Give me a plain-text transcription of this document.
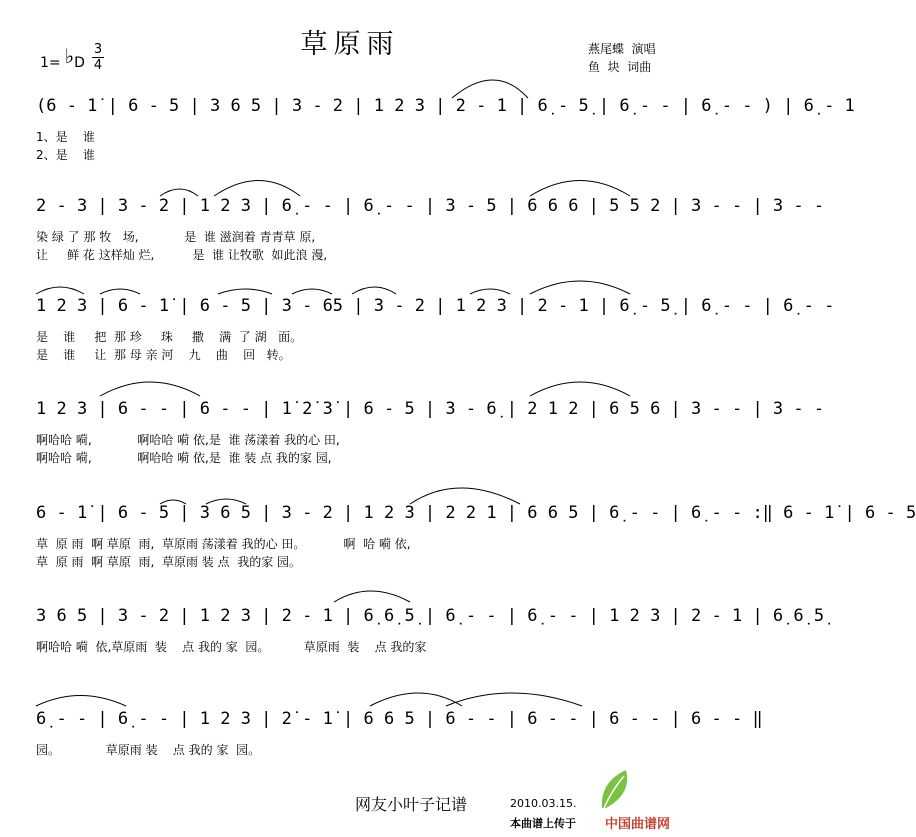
草原雨
1= ♭D
3
4
燕尾蝶  演唱
鱼  块  词曲
(6 - 1̇ | 6 - 5 | 3 6 5 | 3 - 2 | 1 2 3 | 2 - 1 | 6̣ - 5̣ | 6̣ - - | 6̣ - - ) | 6̣ - 1
1、是    谁
2、是    谁
2 - 3 | 3 - 2 | 1 2 3 | 6̣ - - | 6̣ - - | 3 - 5 | 6 6 6 | 5 5 2 | 3 - - | 3 - -
染 绿 了 那 牧   场,            是  谁 滋润着 青青草 原,
让     鲜 花 这样灿 烂,          是  谁 让牧歌  如此浪 漫,
1 2 3 | 6 - 1̇ | 6 - 5 | 3 - 65 | 3 - 2 | 1 2 3 | 2 - 1 | 6̣ - 5̣ | 6̣ - - | 6̣ - -
是    谁     把  那 珍     珠     撒    满  了 湖   面。
是    谁     让  那 母 亲 河    九    曲    回   转。
1 2 3 | 6 - - | 6 - - | 1̇ 2̇ 3̇ | 6 - 5 | 3 - 6̣ | 2 1 2 | 6 5 6 | 3 - - | 3 - -
啊哈哈 嗬,            啊哈哈 嗬 依,是  谁 荡漾着 我的心 田,
啊哈哈 嗬,            啊哈哈 嗬 依,是  谁 装 点 我的家 园,
6 - 1̇ | 6 - 5 | 3 6 5 | 3 - 2 | 1 2 3 | 2 2 1 | 6 6 5 | 6̣ - - | 6̣ - - :‖ 6 - 1̇ | 6 - 5
草  原 雨  啊 草原  雨,  草原雨 荡漾着 我的心 田。          啊  哈 嗬 依,
草  原 雨  啊 草原  雨,  草原雨 装 点  我的家 园。
3 6 5 | 3 - 2 | 1 2 3 | 2 - 1 | 6̣ 6̣ 5̣ | 6̣ - - | 6̣ - - | 1 2 3 | 2 - 1 | 6̣ 6̣ 5̣
啊哈哈 嗬  依,草原雨  装    点 我的 家  园。         草原雨  装    点 我的家
6̣ - - | 6̣ - - | 1 2 3 | 2̇ - 1̇ | 6 6 5 | 6 - - | 6 - - | 6 - - | 6 - - ‖
园。            草原雨 装    点 我的 家  园。
网友小叶子记谱	2010.03.15.
本曲谱上传于 中国曲谱网
